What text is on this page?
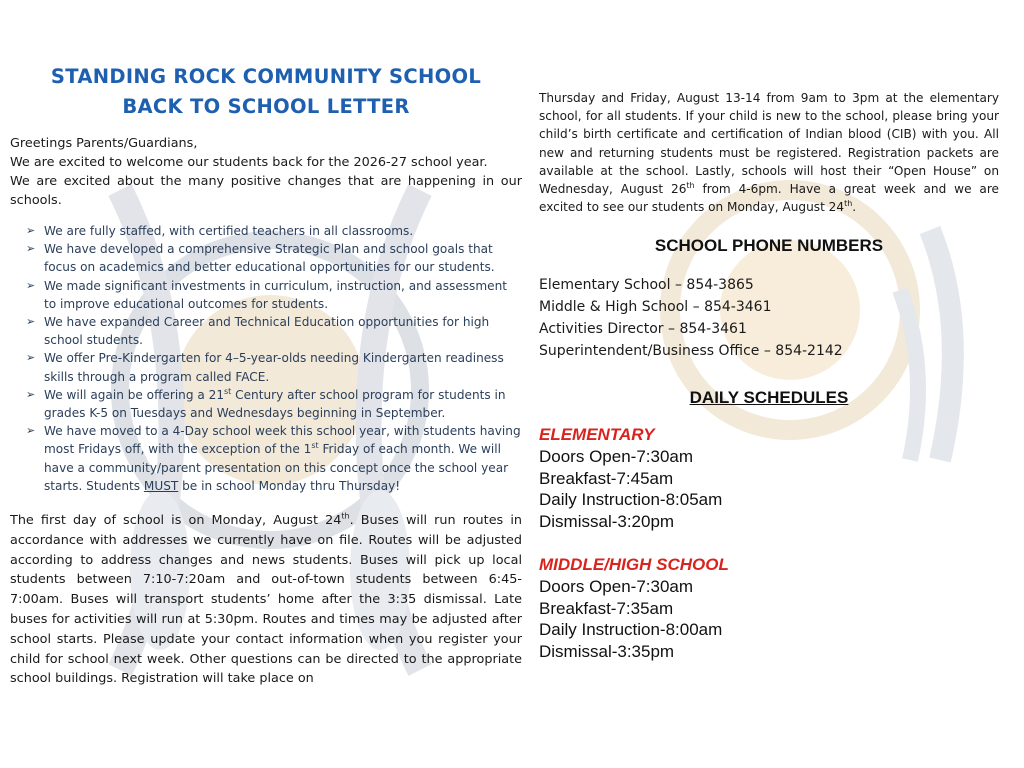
STANDING ROCK COMMUNITY SCHOOL
BACK TO SCHOOL LETTER

Greetings Parents/Guardians,

We are excited to welcome our students back for the 2026-27 school year.

We are excited about the many positive changes that are happening in our schools.

➢ We are fully staffed, with certified teachers in all classrooms.
➢ We have developed a comprehensive Strategic Plan and school goals that focus on academics and better educational opportunities for our students.
➢ We made significant investments in curriculum, instruction, and assessment to improve educational outcomes for students.
➢ We have expanded Career and Technical Education opportunities for high school students.
➢ We offer Pre-Kindergarten for 4–5-year-olds needing Kindergarten readiness skills through a program called FACE.
➢ We will again be offering a 21st Century after school program for students in grades K-5 on Tuesdays and Wednesdays beginning in September.
➢ We have moved to a 4-Day school week this school year, with students having most Fridays off, with the exception of the 1st Friday of each month. We will have a community/parent presentation on this concept once the school year starts. Students MUST be in school Monday thru Thursday!

The first day of school is on Monday, August 24th. Buses will run routes in accordance with addresses we currently have on file. Routes will be adjusted according to address changes and news students. Buses will pick up local students between 7:10-7:20am and out-of-town students between 6:45-7:00am. Buses will transport students’ home after the 3:35 dismissal. Late buses for activities will run at 5:30pm. Routes and times may be adjusted after school starts. Please update your contact information when you register your child for school next week. Other questions can be directed to the appropriate school buildings. Registration will take place on

Thursday and Friday, August 13-14 from 9am to 3pm at the elementary school, for all students. If your child is new to the school, please bring your child’s birth certificate and certification of Indian blood (CIB) with you. All new and returning students must be registered. Registration packets are available at the school. Lastly, schools will host their “Open House” on Wednesday, August 26th from 4-6pm. Have a great week and we are excited to see our students on Monday, August 24th.

SCHOOL PHONE NUMBERS

Elementary School – 854-3865

Middle & High School – 854-3461

Activities Director – 854-3461

Superintendent/Business Office – 854-2142

DAILY SCHEDULES

ELEMENTARY

Doors Open-7:30am

Breakfast-7:45am

Daily Instruction-8:05am

Dismissal-3:20pm

MIDDLE/HIGH SCHOOL

Doors Open-7:30am

Breakfast-7:35am

Daily Instruction-8:00am

Dismissal-3:35pm
